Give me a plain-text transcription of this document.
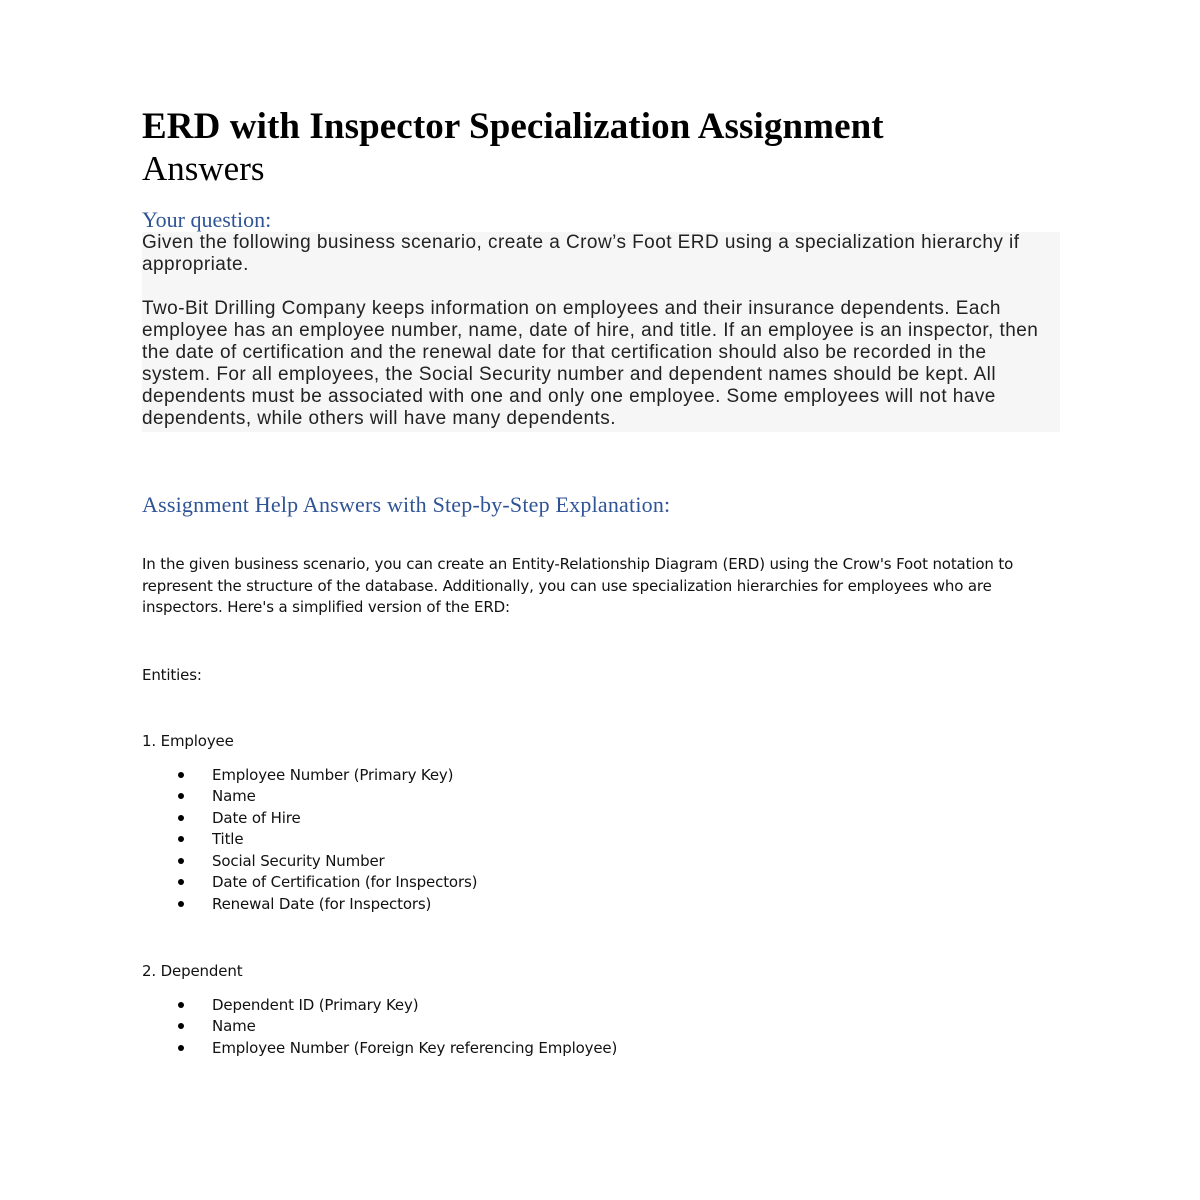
ERD with Inspector Specialization Assignment
Answers
Your question:

Given the following business scenario, create a Crow’s Foot ERD using a specialization hierarchy if appropriate.

Two-Bit Drilling Company keeps information on employees and their insurance dependents. Each employee has an employee number, name, date of hire, and title. If an employee is an inspector, then the date of certification and the renewal date for that certification should also be recorded in the system. For all employees, the Social Security number and dependent names should be kept. All dependents must be associated with one and only one employee. Some employees will not have dependents, while others will have many dependents.

Assignment Help Answers with Step-by-Step Explanation:

In the given business scenario, you can create an Entity-Relationship Diagram (ERD) using the Crow's Foot notation to represent the structure of the database. Additionally, you can use specialization hierarchies for employees who are inspectors. Here's a simplified version of the ERD:

Entities:

1. Employee

Employee Number (Primary Key)
Name
Date of Hire
Title
Social Security Number
Date of Certification (for Inspectors)
Renewal Date (for Inspectors)

2. Dependent

Dependent ID (Primary Key)
Name
Employee Number (Foreign Key referencing Employee)
